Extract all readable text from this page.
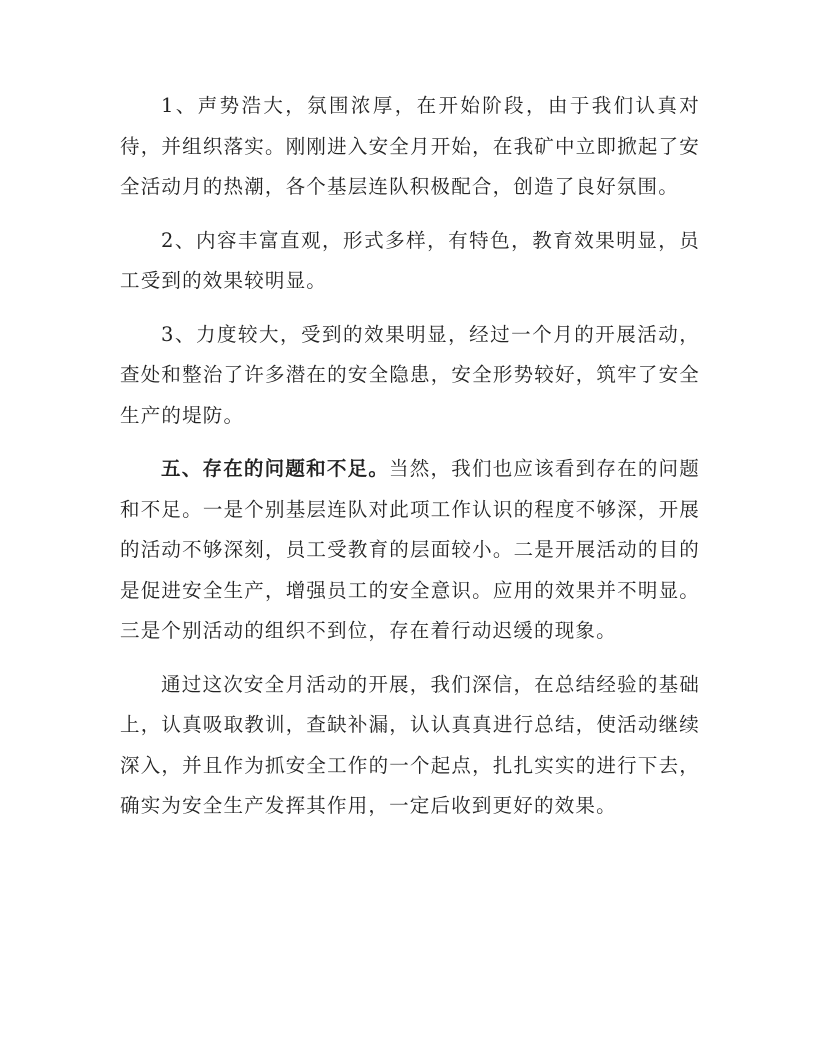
1、声势浩大，氛围浓厚，在开始阶段，由于我们认真对待，并组织落实。刚刚进入安全月开始，在我矿中立即掀起了安全活动月的热潮，各个基层连队积极配合，创造了良好氛围。

2、内容丰富直观，形式多样，有特色，教育效果明显，员工受到的效果较明显。

3、力度较大，受到的效果明显，经过一个月的开展活动，查处和整治了许多潜在的安全隐患，安全形势较好，筑牢了安全生产的堤防。

五、存在的问题和不足。当然，我们也应该看到存在的问题和不足。一是个别基层连队对此项工作认识的程度不够深，开展的活动不够深刻，员工受教育的层面较小。二是开展活动的目的是促进安全生产，增强员工的安全意识。应用的效果并不明显。三是个别活动的组织不到位，存在着行动迟缓的现象。

通过这次安全月活动的开展，我们深信，在总结经验的基础上，认真吸取教训，查缺补漏，认认真真进行总结，使活动继续深入，并且作为抓安全工作的一个起点，扎扎实实的进行下去，确实为安全生产发挥其作用，一定后收到更好的效果。
